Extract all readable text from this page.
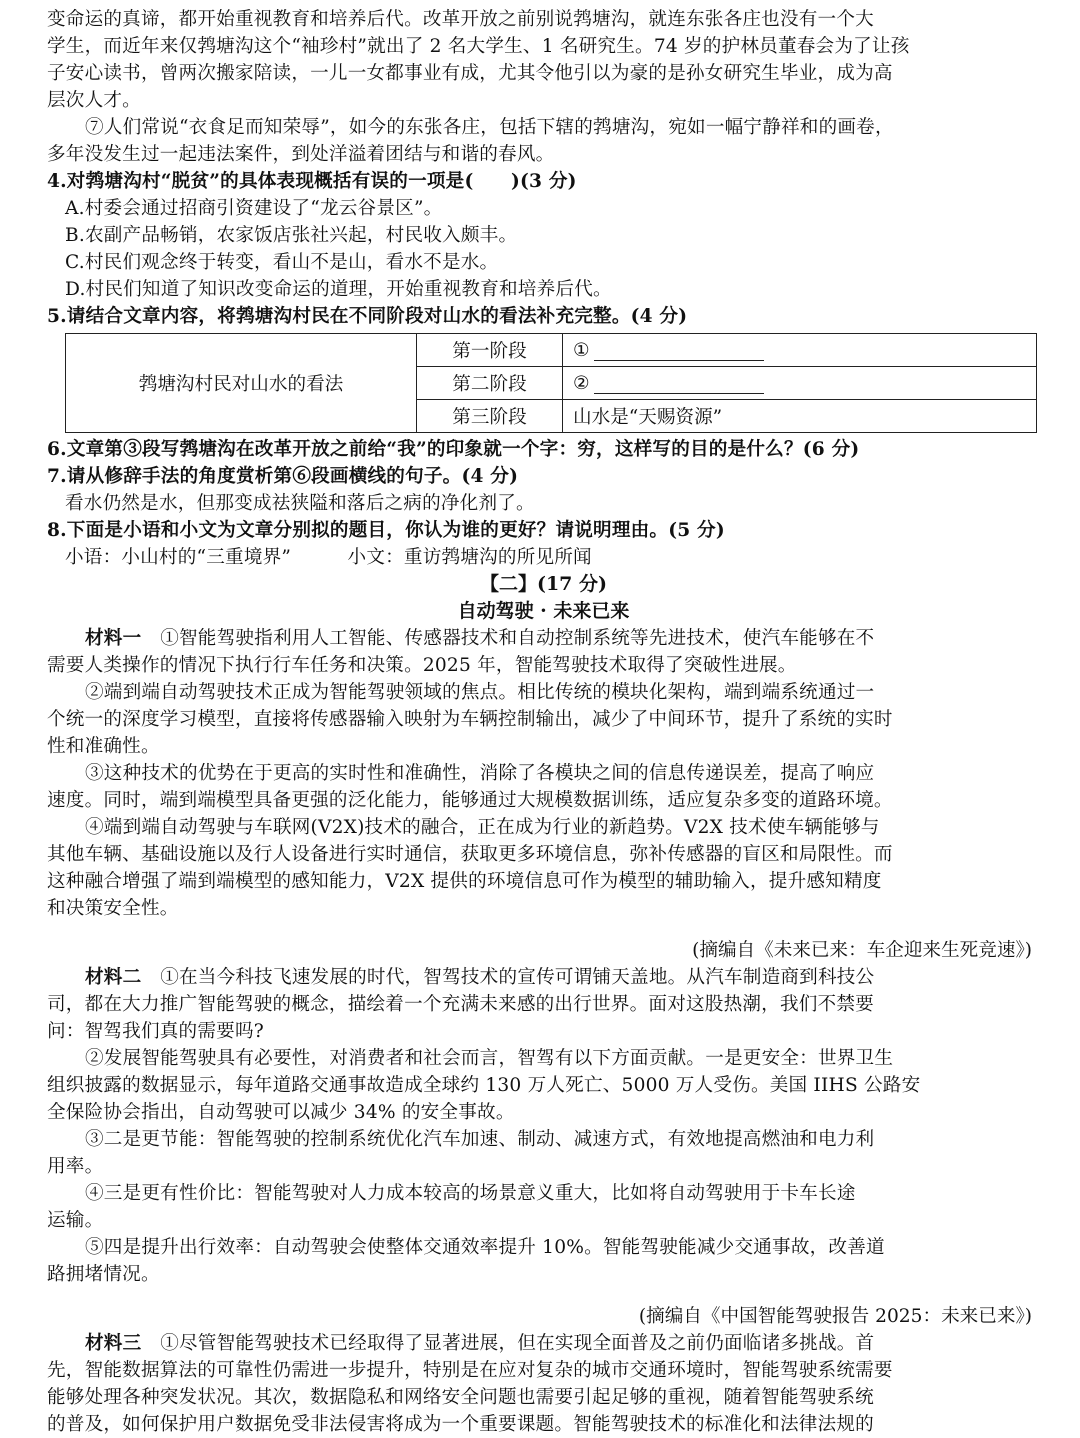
变命运的真谛，都开始重视教育和培养后代。改革开放之前别说鹁塘沟，就连东张各庄也没有一个大
学生，而近年来仅鹁塘沟这个“袖珍村”就出了 2 名大学生、1 名研究生。74 岁的护林员董春会为了让孩
子安心读书，曾两次搬家陪读，一儿一女都事业有成，尤其令他引以为豪的是孙女研究生毕业，成为高
层次人才。
⑦人们常说“衣食足而知荣辱”，如今的东张各庄，包括下辖的鹁塘沟，宛如一幅宁静祥和的画卷，
多年没发生过一起违法案件，到处洋溢着团结与和谐的春风。
4.对鹁塘沟村“脱贫”的具体表现概括有误的一项是(　　)(3 分)
A.村委会通过招商引资建设了“龙云谷景区”。
B.农副产品畅销，农家饭店张社兴起，村民收入颇丰。
C.村民们观念终于转变，看山不是山，看水不是水。
D.村民们知道了知识改变命运的道理，开始重视教育和培养后代。
5.请结合文章内容，将鹁塘沟村民在不同阶段对山水的看法补充完整。(4 分)
鹁塘沟村民对山水的看法	第一阶段	①
	第二阶段	②
	第三阶段	山水是“天赐资源”
6.文章第③段写鹁塘沟在改革开放之前给“我”的印象就一个字：穷，这样写的目的是什么？(6 分)
7.请从修辞手法的角度赏析第⑥段画横线的句子。(4 分)
看水仍然是水，但那变成祛狭隘和落后之病的净化剂了。
8.下面是小语和小文为文章分别拟的题目，你认为谁的更好？请说明理由。(5 分)
小语：小山村的“三重境界”　　　小文：重访鹁塘沟的所见所闻
【二】(17 分)
自动驾驶 · 未来已来
材料一　 ①智能驾驶指利用人工智能、传感器技术和自动控制系统等先进技术，使汽车能够在不
需要人类操作的情况下执行行车任务和决策。2025 年，智能驾驶技术取得了突破性进展。
②端到端自动驾驶技术正成为智能驾驶领域的焦点。相比传统的模块化架构，端到端系统通过一
个统一的深度学习模型，直接将传感器输入映射为车辆控制输出，减少了中间环节，提升了系统的实时
性和准确性。
③这种技术的优势在于更高的实时性和准确性，消除了各模块之间的信息传递误差，提高了响应
速度。同时，端到端模型具备更强的泛化能力，能够通过大规模数据训练，适应复杂多变的道路环境。
④端到端自动驾驶与车联网(V2X)技术的融合，正在成为行业的新趋势。V2X 技术使车辆能够与
其他车辆、基础设施以及行人设备进行实时通信，获取更多环境信息，弥补传感器的盲区和局限性。而
这种融合增强了端到端模型的感知能力，V2X 提供的环境信息可作为模型的辅助输入，提升感知精度
和决策安全性。
(摘编自《未来已来：车企迎来生死竞速》)
材料二　 ①在当今科技飞速发展的时代，智驾技术的宣传可谓铺天盖地。从汽车制造商到科技公
司，都在大力推广智能驾驶的概念，描绘着一个充满未来感的出行世界。面对这股热潮，我们不禁要
问：智驾我们真的需要吗?
②发展智能驾驶具有必要性，对消费者和社会而言，智驾有以下方面贡献。一是更安全：世界卫生
组织披露的数据显示，每年道路交通事故造成全球约 130 万人死亡、5000 万人受伤。美国 IIHS 公路安
全保险协会指出，自动驾驶可以减少 34% 的安全事故。
③二是更节能：智能驾驶的控制系统优化汽车加速、制动、减速方式，有效地提高燃油和电力利
用率。
④三是更有性价比：智能驾驶对人力成本较高的场景意义重大，比如将自动驾驶用于卡车长途
运输。
⑤四是提升出行效率：自动驾驶会使整体交通效率提升 10%。智能驾驶能减少交通事故，改善道
路拥堵情况。
(摘编自《中国智能驾驶报告 2025：未来已来》)
材料三　 ①尽管智能驾驶技术已经取得了显著进展，但在实现全面普及之前仍面临诸多挑战。首
先，智能数据算法的可靠性仍需进一步提升，特别是在应对复杂的城市交通环境时，智能驾驶系统需要
能够处理各种突发状况。其次，数据隐私和网络安全问题也需要引起足够的重视，随着智能驾驶系统
的普及，如何保护用户数据免受非法侵害将成为一个重要课题。智能驾驶技术的标准化和法律法规的
